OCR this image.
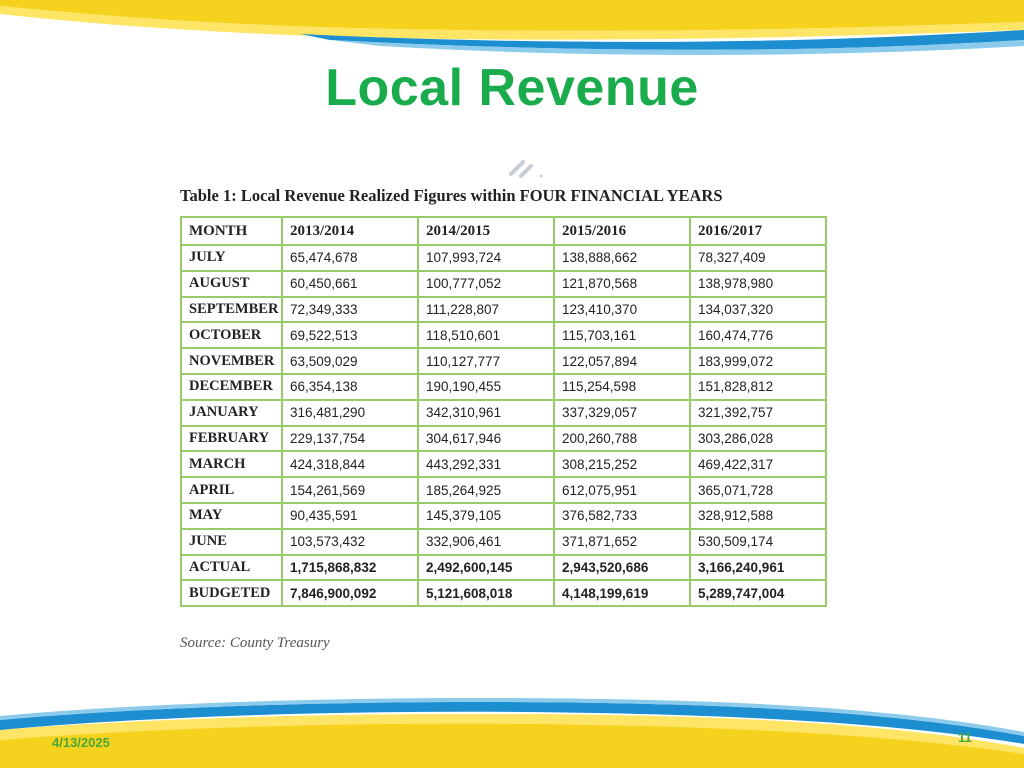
Local Revenue
Table 1: Local Revenue Realized Figures within FOUR FINANCIAL YEARS
MONTH	2013/2014	2014/2015	2015/2016	2016/2017
JULY	65,474,678	107,993,724	138,888,662	78,327,409
AUGUST	60,450,661	100,777,052	121,870,568	138,978,980
SEPTEMBER	72,349,333	111,228,807	123,410,370	134,037,320
OCTOBER	69,522,513	118,510,601	115,703,161	160,474,776
NOVEMBER	63,509,029	110,127,777	122,057,894	183,999,072
DECEMBER	66,354,138	190,190,455	115,254,598	151,828,812
JANUARY	316,481,290	342,310,961	337,329,057	321,392,757
FEBRUARY	229,137,754	304,617,946	200,260,788	303,286,028
MARCH	424,318,844	443,292,331	308,215,252	469,422,317
APRIL	154,261,569	185,264,925	612,075,951	365,071,728
MAY	90,435,591	145,379,105	376,582,733	328,912,588
JUNE	103,573,432	332,906,461	371,871,652	530,509,174
ACTUAL	1,715,868,832	2,492,600,145	2,943,520,686	3,166,240,961
BUDGETED	7,846,900,092	5,121,608,018	4,148,199,619	5,289,747,004
Source: County Treasury
4/13/2025	11
